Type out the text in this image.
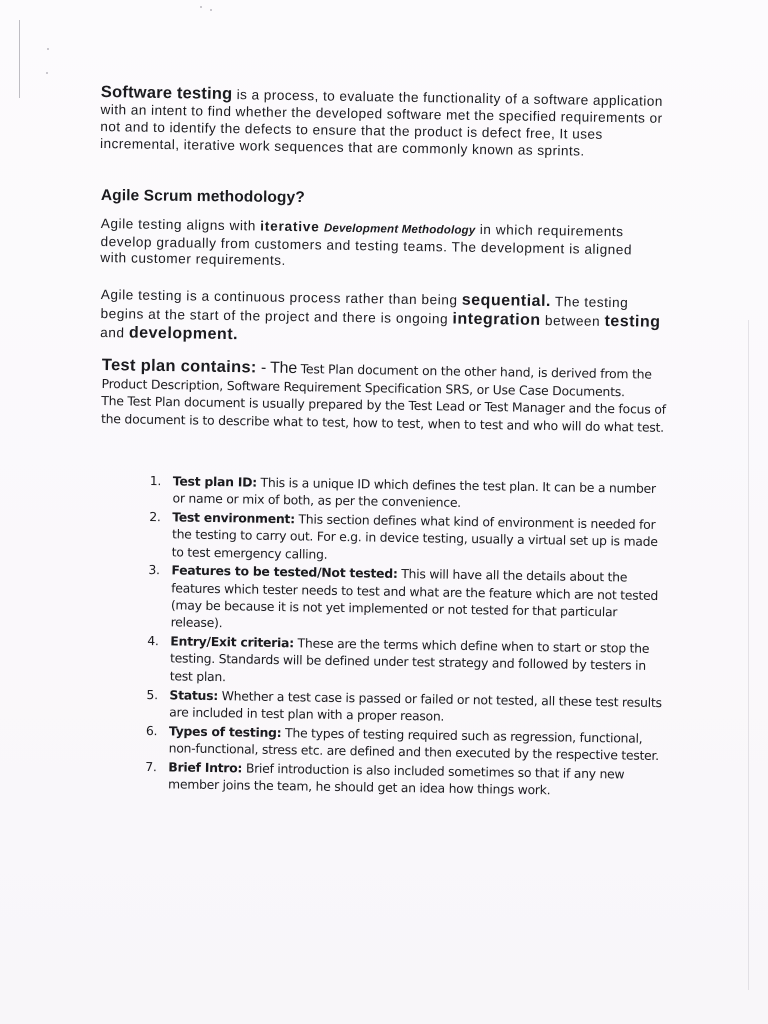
Software testing is a process, to evaluate the functionality of a software application with an intent to find whether the developed software met the specified requirements or not and to identify the defects to ensure that the product is defect free, It uses incremental, iterative work sequences that are commonly known as sprints.

Agile Scrum methodology?

Agile testing aligns with iterative Development Methodology in which requirements develop gradually from customers and testing teams. The development is aligned with customer requirements.

Agile testing is a continuous process rather than being sequential. The testing begins at the start of the project and there is ongoing integration between testing and development.

Test plan contains: - The Test Plan document on the other hand, is derived from the Product Description, Software Requirement Specification SRS, or Use Case Documents.
The Test Plan document is usually prepared by the Test Lead or Test Manager and the focus of the document is to describe what to test, how to test, when to test and who will do what test.
1. Test plan ID: This is a unique ID which defines the test plan. It can be a number or name or mix of both, as per the convenience.
2. Test environment: This section defines what kind of environment is needed for the testing to carry out. For e.g. in device testing, usually a virtual set up is made to test emergency calling.
3. Features to be tested/Not tested: This will have all the details about the features which tester needs to test and what are the feature which are not tested (may be because it is not yet implemented or not tested for that particular release).
4. Entry/Exit criteria: These are the terms which define when to start or stop the testing. Standards will be defined under test strategy and followed by testers in test plan.
5. Status: Whether a test case is passed or failed or not tested, all these test results are included in test plan with a proper reason.
6. Types of testing: The types of testing required such as regression, functional, non-functional, stress etc. are defined and then executed by the respective tester.
7. Brief Intro: Brief introduction is also included sometimes so that if any new member joins the team, he should get an idea how things work.
